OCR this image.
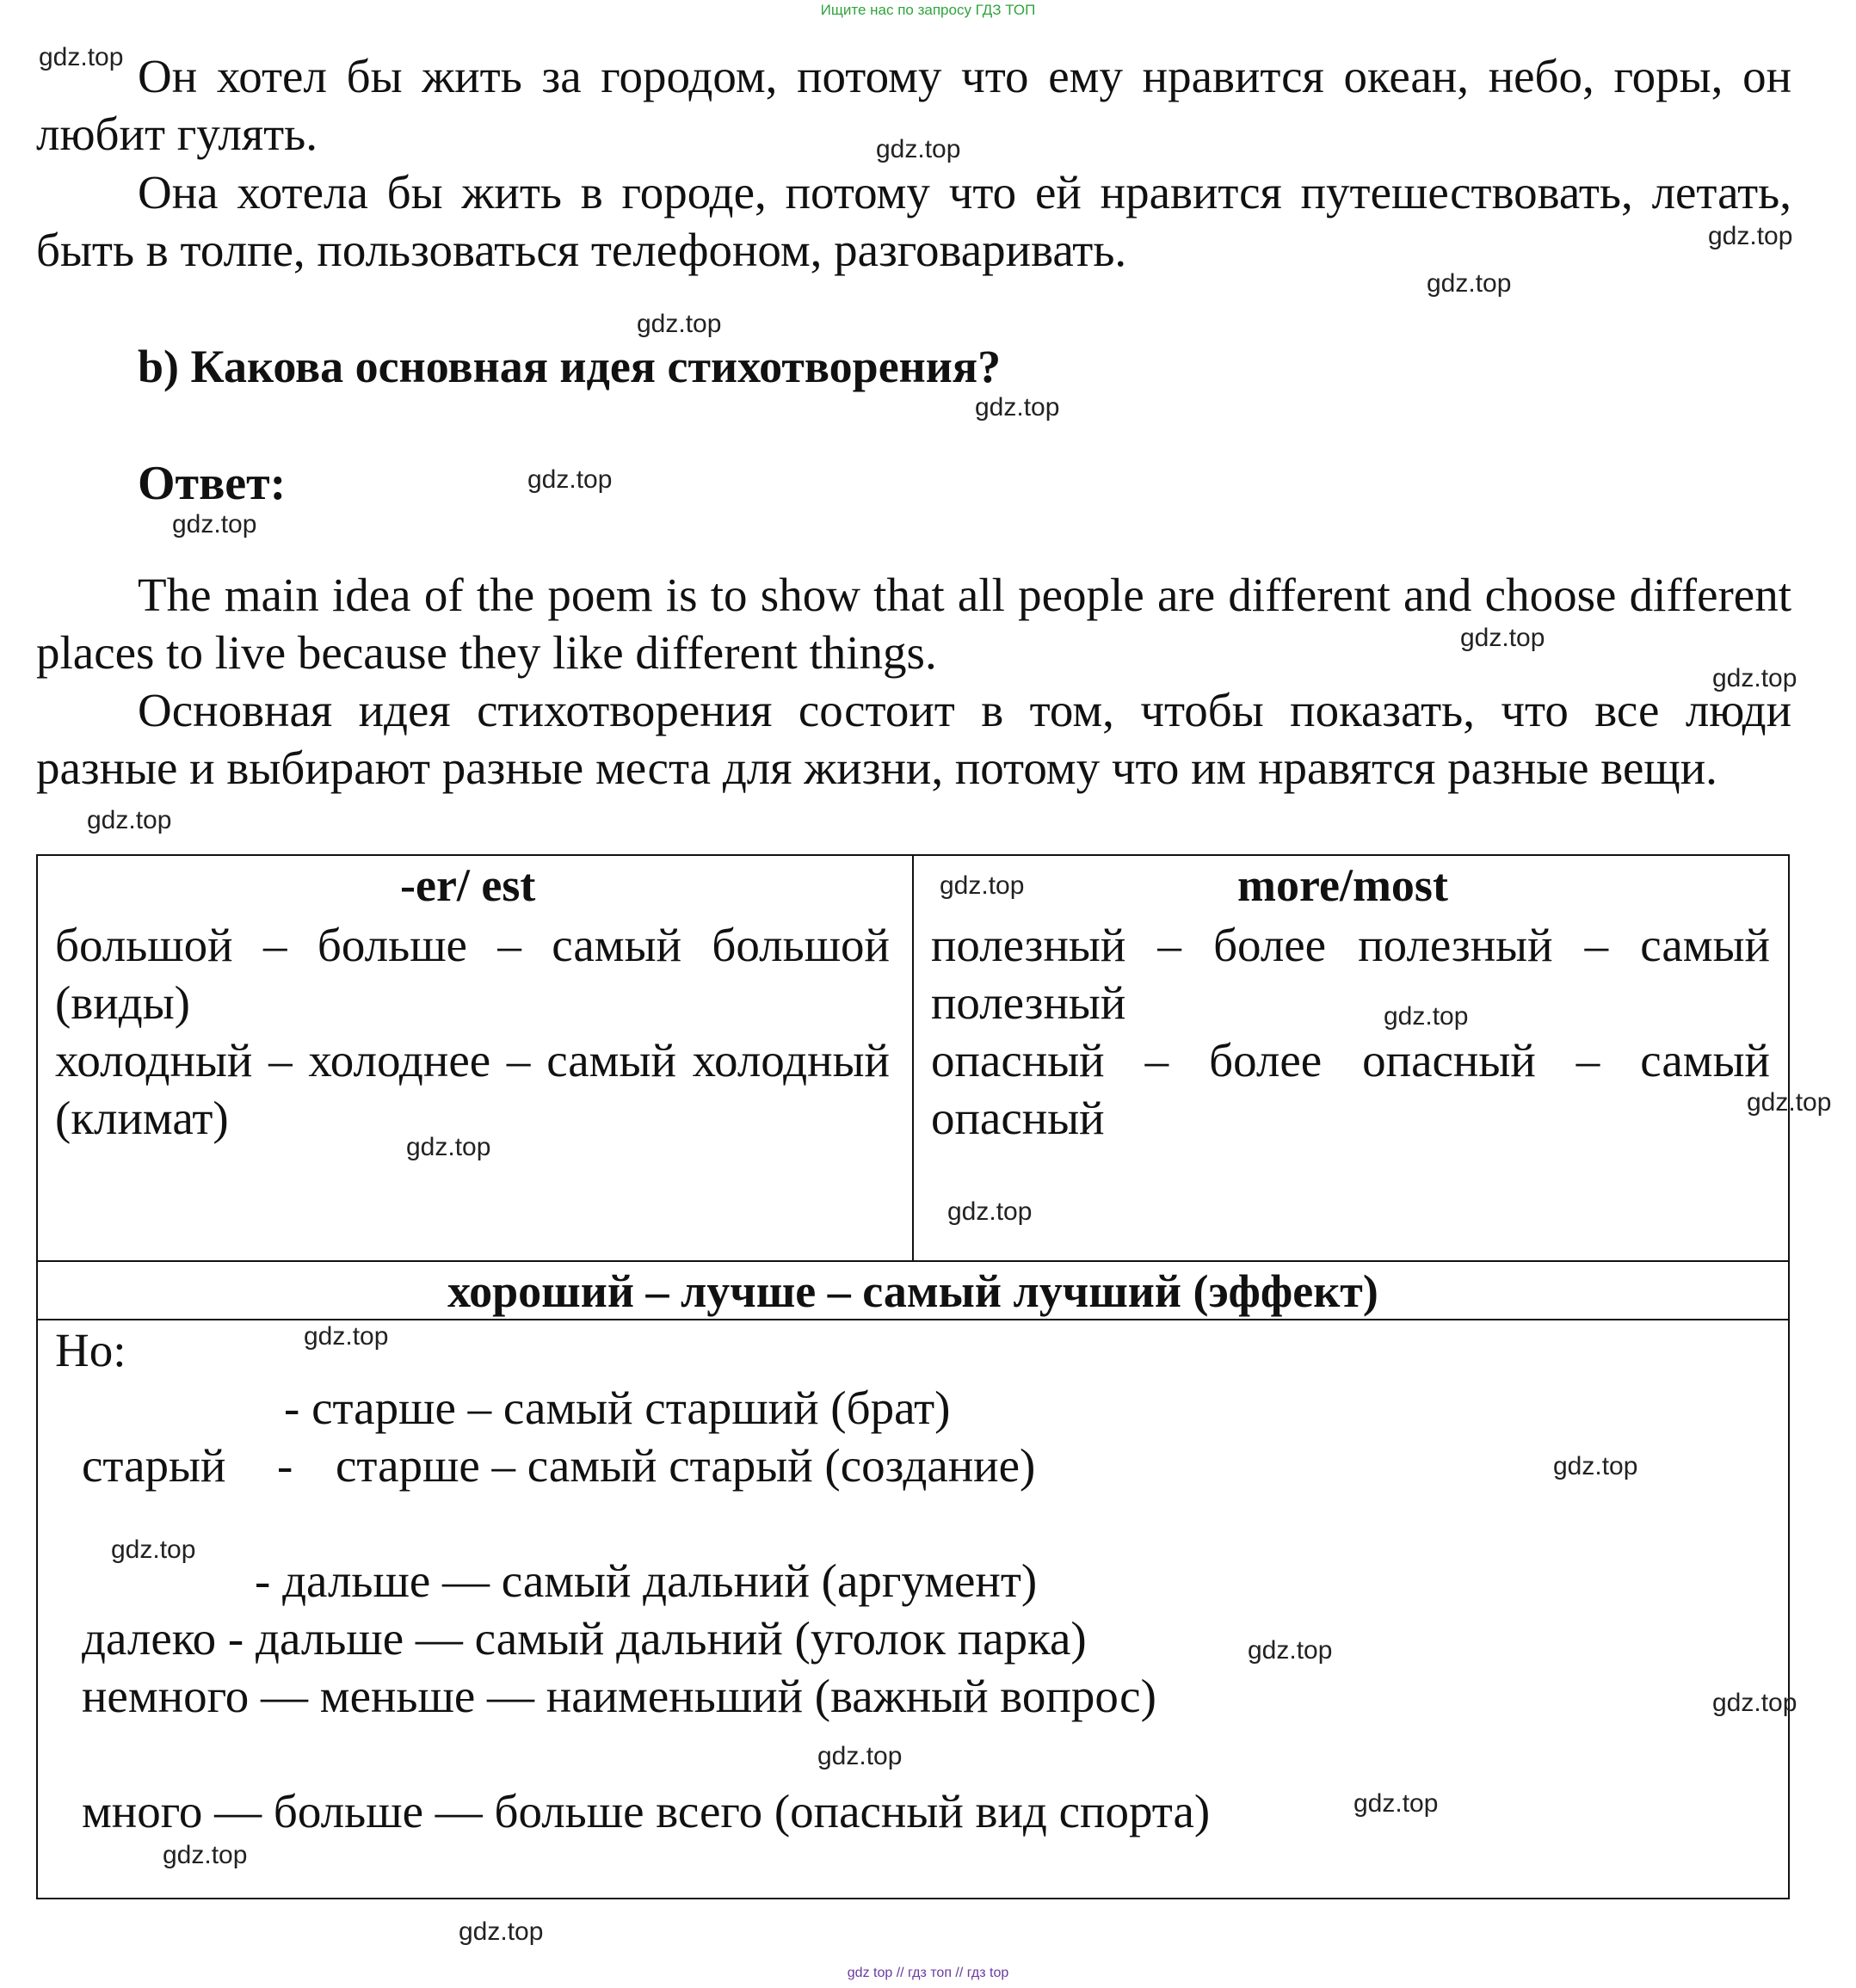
Ищите нас по запросу ГДЗ ТОП

Он хотел бы жить за городом, потому что ему нравится океан, небо, горы, он любит гулять.

Она хотела бы жить в городе, потому что ей нравится путешествовать, летать, быть в толпе, пользоваться телефоном, разговаривать.

b) Какова основная идея стихотворения?
Ответ:

The main idea of the poem is to show that all people are different and choose different places to live because they like different things.

Основная идея стихотворения состоит в том, чтобы показать, что все люди разные и выбирают разные места для жизни, потому что им нравятся разные вещи.

-er/ est

большой – больше – самый большой (виды)

холодный – холоднее – самый холодный (климат)

more/most

полезный – более полезный – самый полезный

опасный – более опасный – самый опасный

хороший – лучше – самый лучший (эффект)
Но:
- старше – самый старший (брат)
старый - старше – самый старый (создание)
- дальше — самый дальний (аргумент)
далеко - дальше — самый дальний (уголок парка)
немного — меньше — наименьший (важный вопрос)
много — больше — больше всего (опасный вид спорта)
gdz.top
gdz.top
gdz.top
gdz.top
gdz.top
gdz.top
gdz.top
gdz.top
gdz.top
gdz.top
gdz.top
gdz.top
gdz.top
gdz.top
gdz.top
gdz.top
gdz.top
gdz.top
gdz.top
gdz.top
gdz.top
gdz.top
gdz.top
gdz.top
gdz.top
gdz top // гдз топ // гдз top
